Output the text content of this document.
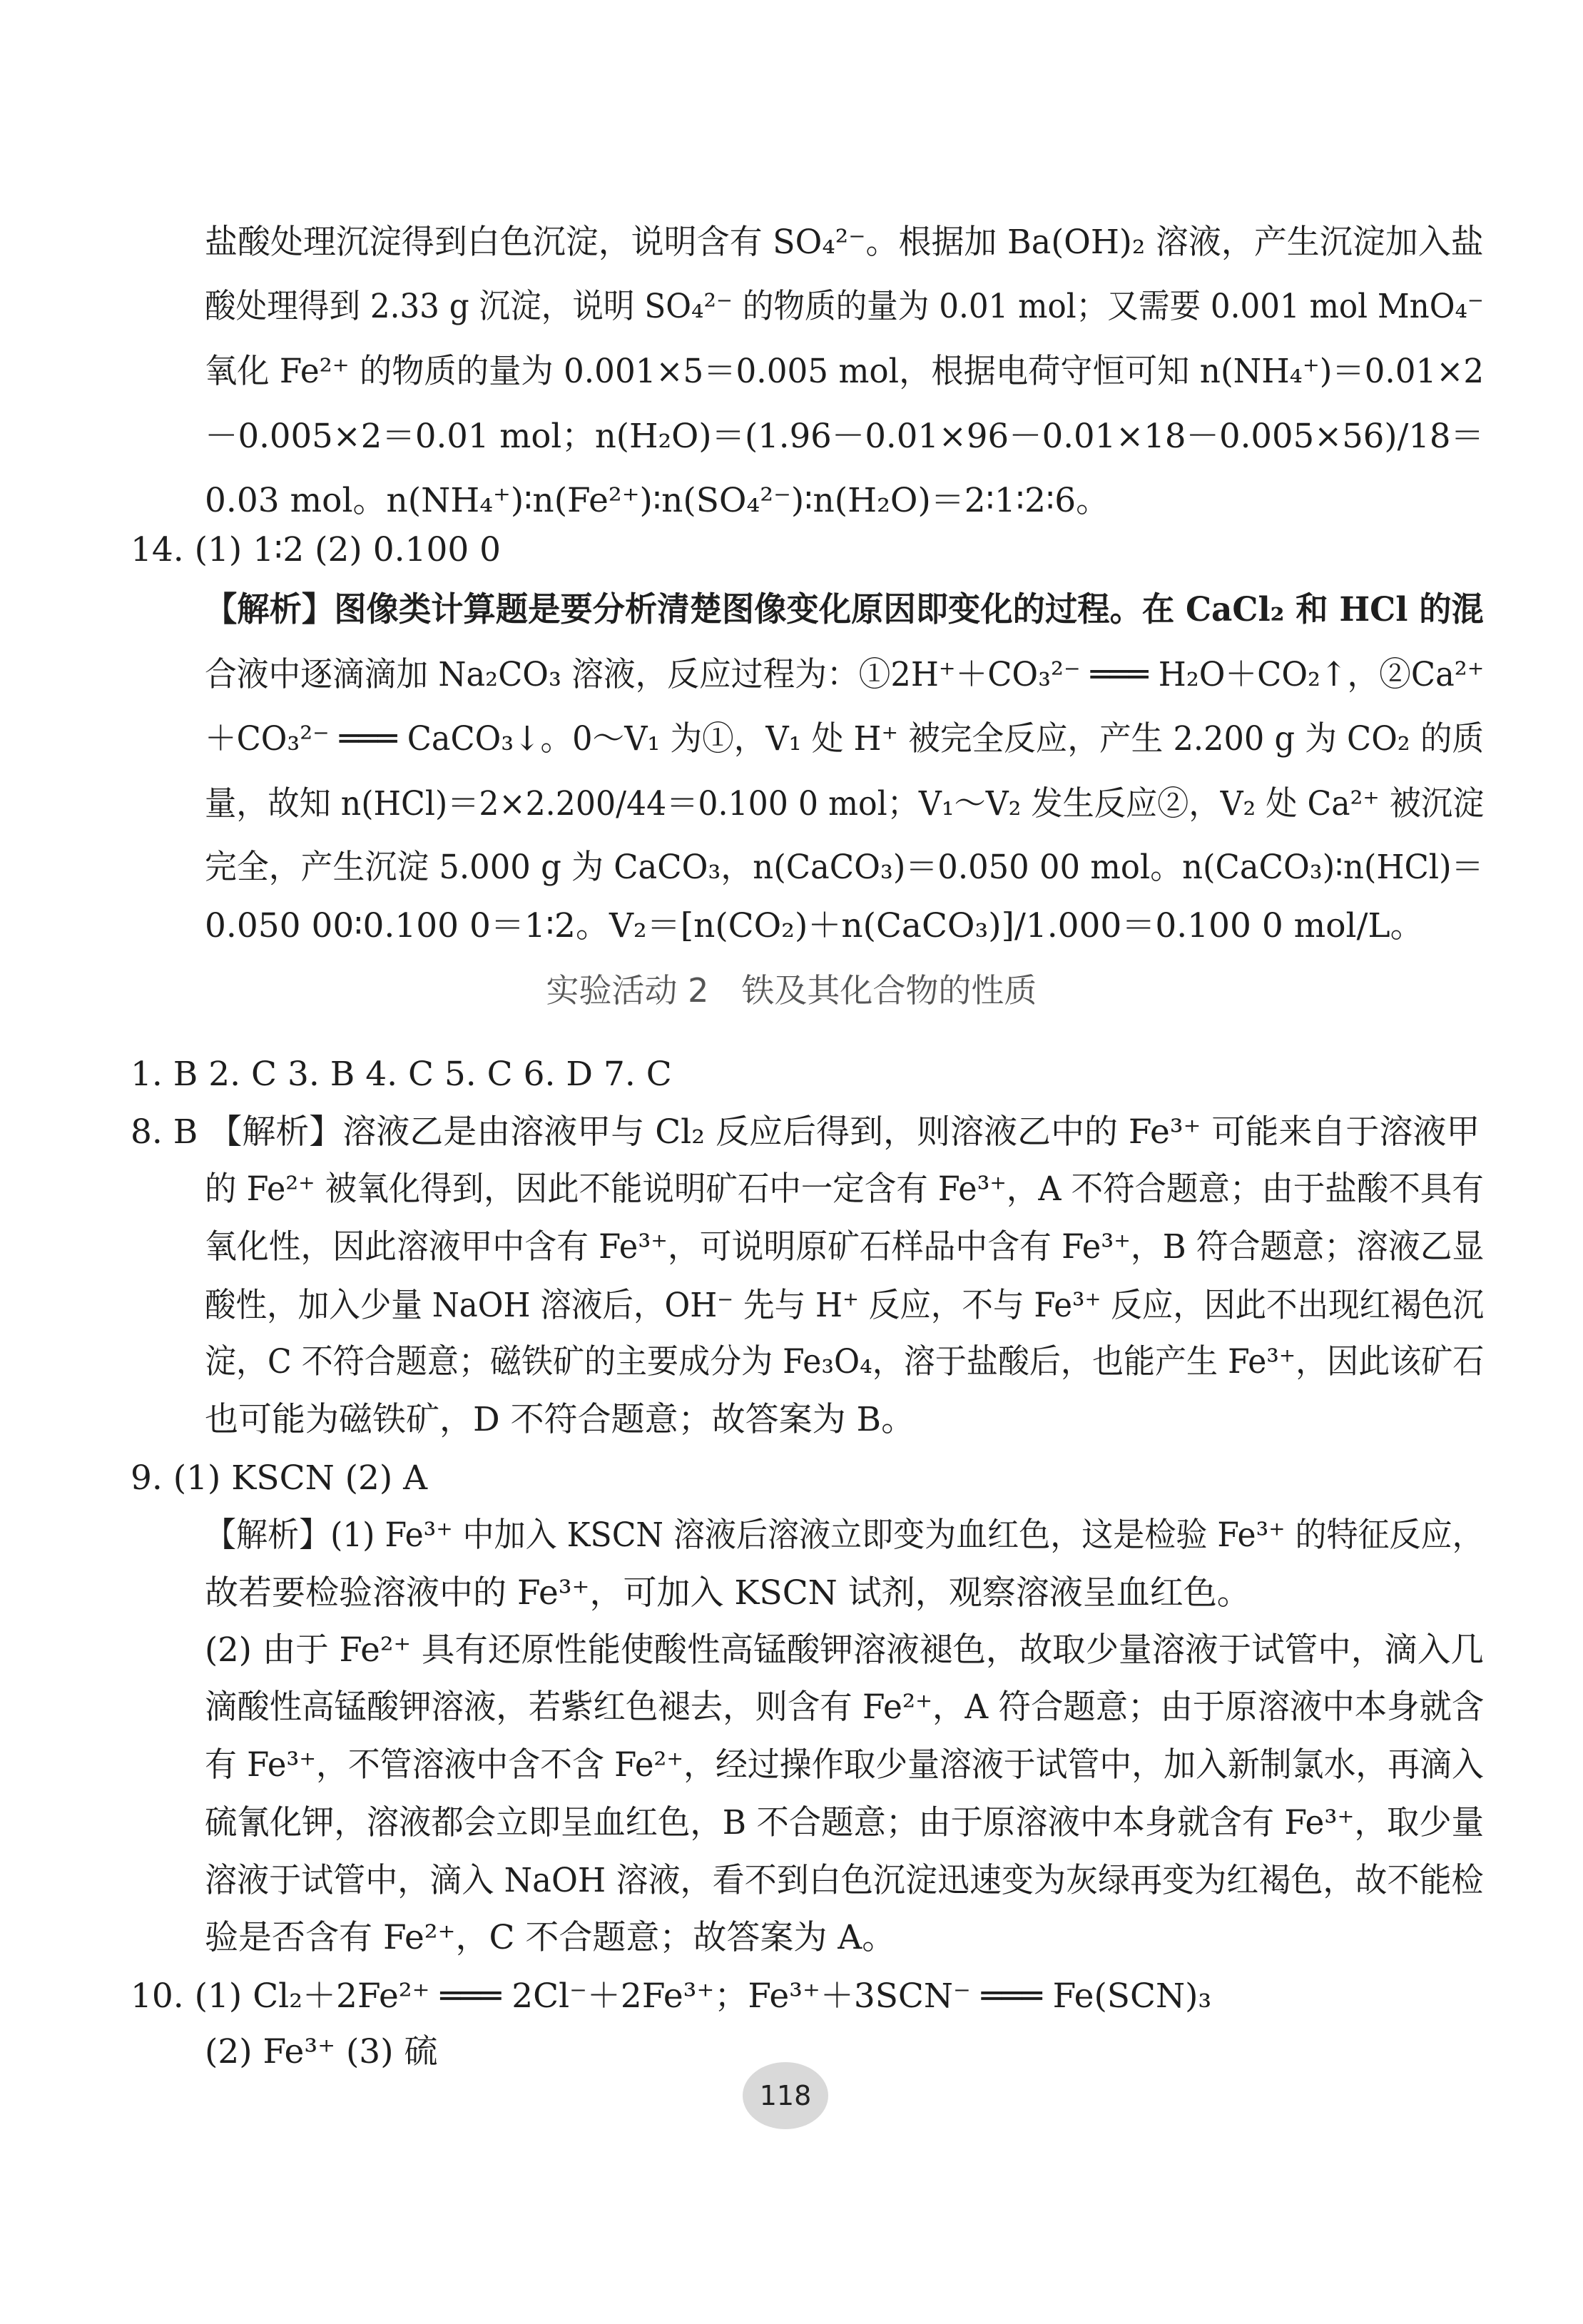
盐酸处理沉淀得到白色沉淀，说明含有 SO₄²⁻。根据加 Ba(OH)₂ 溶液，产生沉淀加入盐
酸处理得到 2.33 g 沉淀，说明 SO₄²⁻ 的物质的量为 0.01 mol；又需要 0.001 mol MnO₄⁻
氧化 Fe²⁺ 的物质的量为 0.001×5＝0.005 mol，根据电荷守恒可知 n(NH₄⁺)＝0.01×2
－0.005×2＝0.01 mol；n(H₂O)＝(1.96－0.01×96－0.01×18－0.005×56)/18＝
0.03 mol。n(NH₄⁺)∶n(Fe²⁺)∶n(SO₄²⁻)∶n(H₂O)＝2∶1∶2∶6。
14. (1) 1∶2 (2) 0.100 0
【解析】图像类计算题是要分析清楚图像变化原因即变化的过程。在 CaCl₂ 和 HCl 的混
合液中逐滴滴加 Na₂CO₃ 溶液，反应过程为：①2H⁺＋CO₃²⁻ ═══ H₂O＋CO₂↑，②Ca²⁺
＋CO₃²⁻ ═══ CaCO₃↓。0～V₁ 为①，V₁ 处 H⁺ 被完全反应，产生 2.200 g 为 CO₂ 的质
量，故知 n(HCl)＝2×2.200/44＝0.100 0 mol；V₁～V₂ 发生反应②，V₂ 处 Ca²⁺ 被沉淀
完全，产生沉淀 5.000 g 为 CaCO₃，n(CaCO₃)＝0.050 00 mol。n(CaCO₃)∶n(HCl)＝
0.050 00∶0.100 0＝1∶2。V₂＝[n(CO₂)＋n(CaCO₃)]/1.000＝0.100 0 mol/L。
实验活动 2　铁及其化合物的性质
1. B 2. C 3. B 4. C 5. C 6. D 7. C
8. B 【解析】溶液乙是由溶液甲与 Cl₂ 反应后得到，则溶液乙中的 Fe³⁺ 可能来自于溶液甲
的 Fe²⁺ 被氧化得到，因此不能说明矿石中一定含有 Fe³⁺，A 不符合题意；由于盐酸不具有
氧化性，因此溶液甲中含有 Fe³⁺，可说明原矿石样品中含有 Fe³⁺，B 符合题意；溶液乙显
酸性，加入少量 NaOH 溶液后，OH⁻ 先与 H⁺ 反应，不与 Fe³⁺ 反应，因此不出现红褐色沉
淀，C 不符合题意；磁铁矿的主要成分为 Fe₃O₄，溶于盐酸后，也能产生 Fe³⁺，因此该矿石
也可能为磁铁矿，D 不符合题意；故答案为 B。
9. (1) KSCN (2) A
【解析】(1) Fe³⁺ 中加入 KSCN 溶液后溶液立即变为血红色，这是检验 Fe³⁺ 的特征反应，
故若要检验溶液中的 Fe³⁺，可加入 KSCN 试剂，观察溶液呈血红色。
(2) 由于 Fe²⁺ 具有还原性能使酸性高锰酸钾溶液褪色，故取少量溶液于试管中，滴入几
滴酸性高锰酸钾溶液，若紫红色褪去，则含有 Fe²⁺，A 符合题意；由于原溶液中本身就含
有 Fe³⁺，不管溶液中含不含 Fe²⁺，经过操作取少量溶液于试管中，加入新制氯水，再滴入
硫氰化钾，溶液都会立即呈血红色，B 不合题意；由于原溶液中本身就含有 Fe³⁺，取少量
溶液于试管中，滴入 NaOH 溶液，看不到白色沉淀迅速变为灰绿再变为红褐色，故不能检
验是否含有 Fe²⁺，C 不合题意；故答案为 A。
10. (1) Cl₂＋2Fe²⁺ ═══ 2Cl⁻＋2Fe³⁺；Fe³⁺＋3SCN⁻ ═══ Fe(SCN)₃
(2) Fe³⁺ (3) 硫
118
